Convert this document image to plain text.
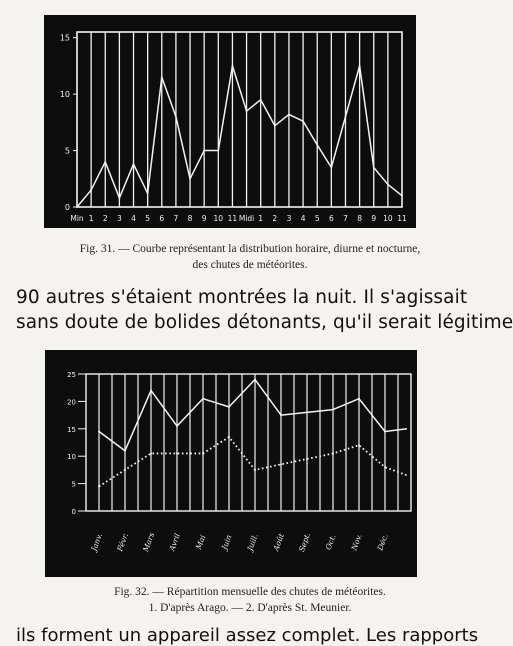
0
5
10
15
Min 1 2 3 4 5 6 7 8 9 10 11 Midi 1 2 3 4 5 6 7 8 9 10 11
Fig. 31. — Courbe représentant la distribution horaire, diurne et nocturne,
des chutes de météorites.
90 autres s'étaient montrées la nuit. Il s'agissait
sans doute de bolides détonants, qu'il serait légitime
0
5
10
15
20
25
Janv. Févr. Mars Avril Mai Juin Juill. Août Sept. Oct. Nov. Déc.
Fig. 32. — Répartition mensuelle des chutes de météorites.
1. D'après Arago. — 2. D'après St. Meunier.
ils forment un appareil assez complet. Les rapports
